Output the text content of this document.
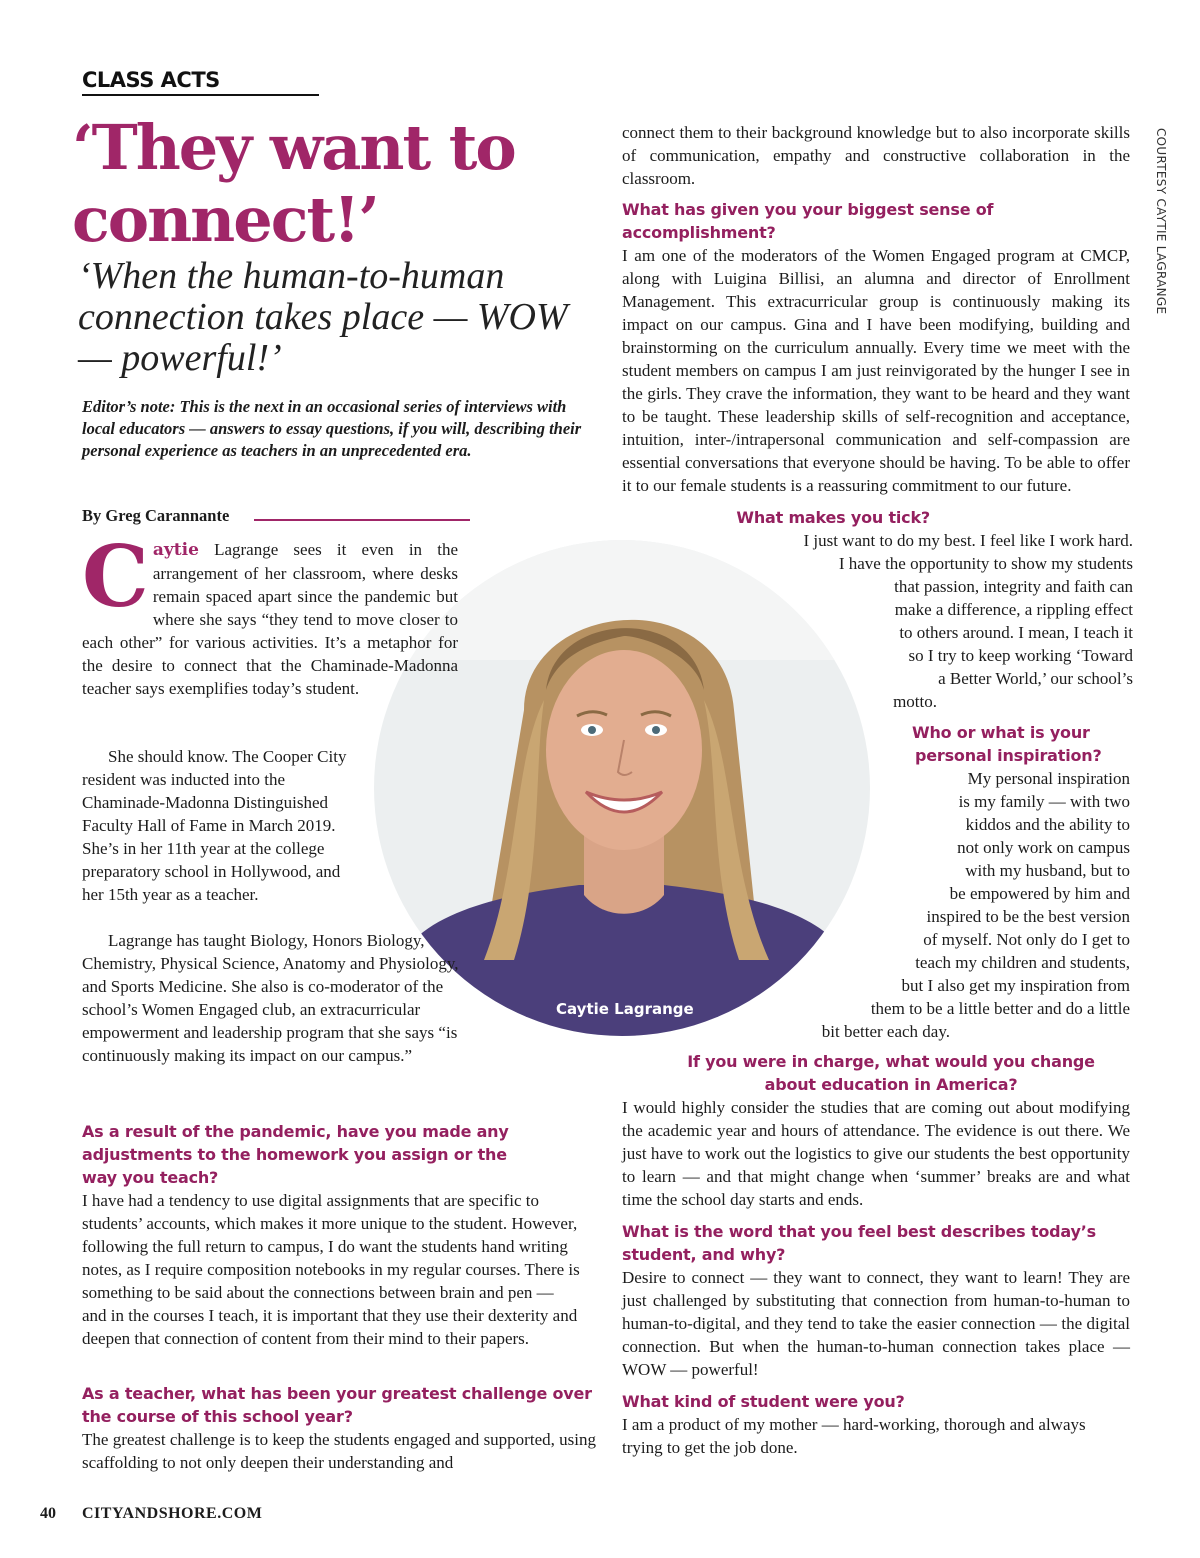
CLASS ACTS
‘They want to connect!’

‘When the human-to-human connection takes place — WOW — powerful!’

Editor’s note: This is the next in an occasional series of interviews with local educators — answers to essay questions, if you will, describing their personal experience as teachers in an unprecedented era.

By Greg Carannante
Caytie Lagrange
COURTESY CAYTIE LAGRANGE

Caytie Lagrange sees it even in the arrangement of her classroom, where desks remain spaced apart since the pandemic but where she says “they tend to move closer to each other” for various activities. It’s a metaphor for the desire to connect that the Chaminade-Madonna teacher says exemplifies today’s student.

She should know. The Cooper City resident was inducted into the Chaminade-Madonna Distinguished Faculty Hall of Fame in March 2019. She’s in her 11th year at the college preparatory school in Hollywood, and her 15th year as a teacher.

Lagrange has taught Biology, Honors Biology, Chemistry, Physical Science, Anatomy and Physiology, and Sports Medicine. She also is co-moderator of the school’s Women Engaged club, an extracurricular empowerment and leadership program that she says “is continuously making its impact on our campus.”

As a result of the pandemic, have you made any adjustments to the homework you assign or the way you teach?

I have had a tendency to use digital assignments that are specific to students’ accounts, which makes it more unique to the student. However, following the full return to campus, I do want the students hand writing notes, as I require composition notebooks in my regular courses. There is something to be said about the connections between brain and pen — and in the courses I teach, it is important that they use their dexterity and deepen that connection of content from their mind to their papers.

As a teacher, what has been your greatest challenge over the course of this school year?

The greatest challenge is to keep the students engaged and supported, using scaffolding to not only deepen their understanding and

connect them to their background knowledge but to also incorporate skills of communication, empathy and constructive collaboration in the classroom.

What has given you your biggest sense of accomplishment?

I am one of the moderators of the Women Engaged program at CMCP, along with Luigina Billisi, an alumna and director of Enrollment Management. This extracurricular group is continuously making its impact on our campus. Gina and I have been modifying, building and brainstorming on the curriculum annually. Every time we meet with the student members on campus I am just reinvigorated by the hunger I see in the girls. They crave the information, they want to be heard and they want to be taught. These leadership skills of self-recognition and acceptance, intuition, inter-/intrapersonal communication and self-compassion are essential conversations that everyone should be having. To be able to offer it to our female students is a reassuring commitment to our future.

What makes you tick?

I just want to do my best. I feel like I work hard.
I have the opportunity to show my students
that passion, integrity and faith can
make a difference, a rippling effect
to others around. I mean, I teach it
so I try to keep working ‘Toward
a Better World,’ our school’s
motto.
Who or what is your
personal inspiration?
My personal inspiration
is my family — with two
kiddos and the ability to
not only work on campus
with my husband, but to
be empowered by him and
inspired to be the best version
of myself. Not only do I get to
teach my children and students,
but I also get my inspiration from
them to be a little better and do a little
bit better each day.

If you were in charge, what would you change about education in America?

I would highly consider the studies that are coming out about modifying the academic year and hours of attendance. The evidence is out there. We just have to work out the logistics to give our students the best opportunity to learn — and that might change when ‘summer’ breaks are and what time the school day starts and ends.

What is the word that you feel best describes today’s student, and why?

Desire to connect — they want to connect, they want to learn! They are just challenged by substituting that connection from human-to-human to human-to-digital, and they tend to take the easier connection — the digital connection. But when the human-to-human connection takes place — WOW — powerful!

What kind of student were you?

I am a product of my mother — hard-working, thorough and always trying to get the job done.

40 CITYANDSHORE.COM
